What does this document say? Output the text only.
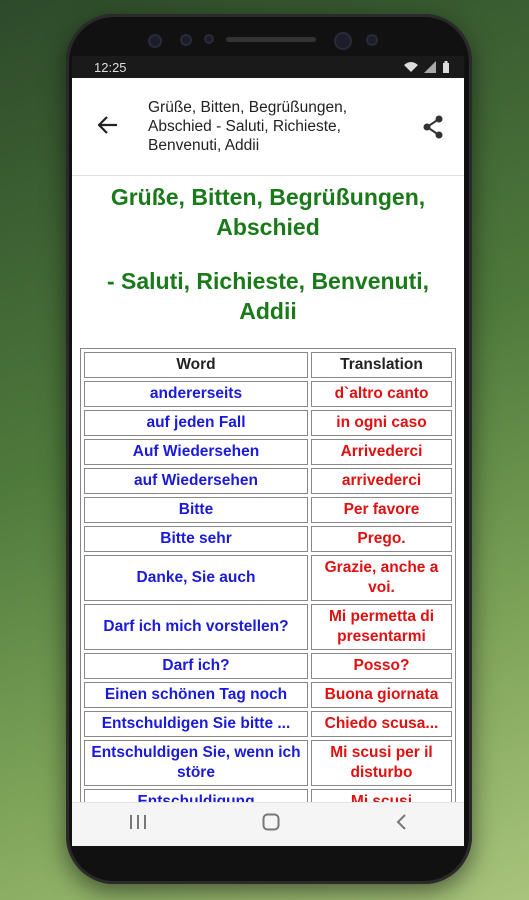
12:25
Grüße, Bitten, Begrüßungen, Abschied - Saluti, Richieste, Benvenuti, Addii
Grüße, Bitten, Begrüßungen, Abschied
- Saluti, Richieste, Benvenuti, Addii
Word	Translation
andererseits	d`altro canto
auf jeden Fall	in ogni caso
Auf Wiedersehen	Arrivederci
auf Wiedersehen	arrivederci
Bitte	Per favore
Bitte sehr	Prego.
Danke, Sie auch	Grazie, anche a voi.
Darf ich mich vorstellen?	Mi permetta di presentarmi
Darf ich?	Posso?
Einen schönen Tag noch	Buona giornata
Entschuldigen Sie bitte ...	Chiedo scusa...
Entschuldigen Sie, wenn ich störe	Mi scusi per il disturbo
